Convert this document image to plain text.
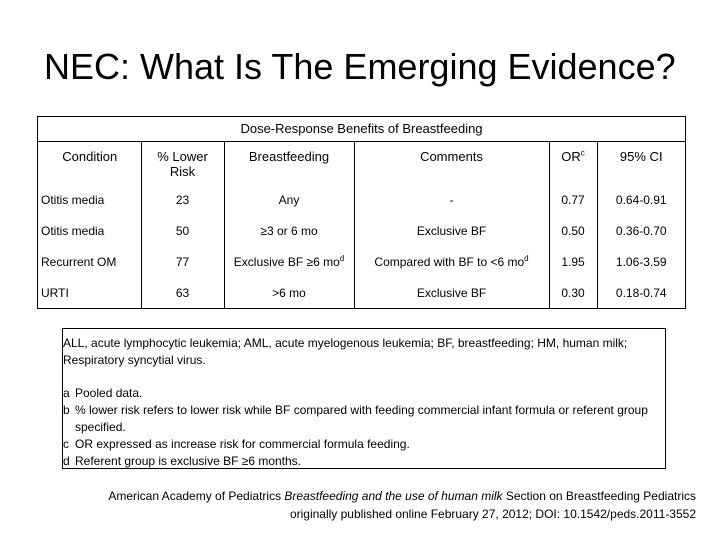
NEC: What Is The Emerging Evidence?
Dose-Response Benefits of Breastfeeding
Condition	% Lower Risk	Breastfeeding	Comments	$OR^c$	95% CI
Otitis media	23	Any	-	0.77	0.64-0.91
Otitis media	50	≥3 or 6 mo	Exclusive BF	0.50	0.36-0.70
Recurrent OM	77	Exclusive BF ≥6 $mo^d$	Compared with BF to <6 $mo^d$	1.95	1.06-3.59
URTI	63	>6 mo	Exclusive BF	0.30	0.18-0.74
ALL, acute lymphocytic leukemia; AML, acute myelogenous leukemia; BF, breastfeeding; HM, human milk; Respiratory syncytial virus.
a Pooled data.
b % lower risk refers to lower risk while BF compared with feeding commercial infant formula or referent group specified.
c OR expressed as increase risk for commercial formula feeding.
d Referent group is exclusive BF ≥6 months.
American Academy of Pediatrics Breastfeeding and the use of human milk Section on Breastfeeding Pediatrics
originally published online February 27, 2012; DOI: 10.1542/peds.2011-3552
